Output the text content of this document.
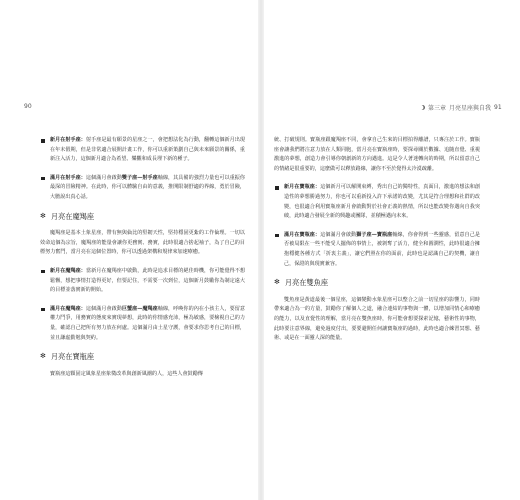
90	第三章 月亮星座與自我 91
新月在射手座：射手座是最有願景的星座之一，會把想法化為行動，翻轉這個新月出現在年末假期，但是非常適合展開計畫工作，你可以重新策劃自己與未來願景的關係，重新注入活力，這個新月適合為希望、樂觀和成長埋下新的種子。
滿月在射手座：這個滿月會啟動雙子座—射手座軸線，其具備的強烈力量也可以重振你最深的冒險精神。在此時，你可以體驗自由的意義，推開限制舒適的界線，勇於冒險，大膽說出真心話。
✻ 月亮在魔羯座
魔羯座是基本土象星座，帶有無與倫比的堅韌天性，堅持穩固更紮的工作倫理。一切以效命這個為宗旨，魔羯座的能量會讓你更務實、務實，此時很適合捨起袖子，為了自己的目標努力奮鬥，當月亮在這個位置時，你可以透過架構和規律來加速療癒。
新月在魔羯座：當新月在魔羯座中啟動，此時是追求目標的絕佳時機，你可能覺得不想鬆懈，想把事情打造得更好，但要記住，不需要一次到位，這個新月鼓勵你為制定遠大的目標並落實新的開始。
滿月在魔羯座：這個滿月會啟動巨蟹座—魔羯座軸線，呼喚你的內在小孩主人，要留意權力鬥爭，用務實的態度來實現夢想，此時的你情感充沛，極為敏感，要檢視自己的力量，確認自己把所有努力放在何處。這個滿月由土星守護，會要求你思考自己的目標，並且謙虛勤勉與契約。
✻ 月亮在寶瓶座
寶瓶座這顆固定風象星座象徵改革與創新風潮的人，這些人會鼓勵傳
統、打破規則。寶瓶座跟魔羯座不同，會拿自己生來的目標拍得離譜，只專注於工作。寶瓶座會讓我們將注意力放在人類同胞，當月亮在寶瓶座時，要探尋關於數據、追隨直覺、重視激進的夢想，創造力會引導你朝創新的方向邁進。這是令人著迷轉向的時期，所以留意自己的情緒是很重要的，這麼做可以釋放路線，讓你不至於覺得太冷漠疏離。
新月在寶瓶座：這個新月可以解開束縛，秀出自己的獨特性，真面目，激進的想法和創造性的夢想勝過努力，你也可以重新投入許下承諾的改變，尤其是符合理想和社群的改變，也很適合利用寶瓶座新月會啟動對於社會正義的熱情，所以也能改變你邁向自我突破，此時適合發展全新的興趣或團隊，並積極邁向未來。
滿月在寶瓶座：這個滿月會啟動獅子座—寶瓶座軸線，你會得到一些靈感，留意自己是否被局限在一些不能受人擺佈的事情上，被剝奪了活力，健全和圓潤性，此時很適合擁抱穩健各種方式「折衷主義」，讓它們照在你的面前，此時也是認識自己的契機，讓自己，保證的與現實兼容。
✻ 月亮在雙魚座
雙魚座是黃道最後一個星座，這個變動水象星座可以整合之前一切星座的影響力，同時帶來適合為一的方量，鼓勵你了解個人之道，融合連結的事物與一體，以增加同情心和療癒的能力，以及直覺性的理解，當月亮在雙魚座時，你可能會想要探索記憶，藝術性的事物，此時要注意界線，避免過度付出，要要避開任何讓寶瓶座的過時，此時也適合練習冥想、藝術、或是在一面靈人深的能量。
